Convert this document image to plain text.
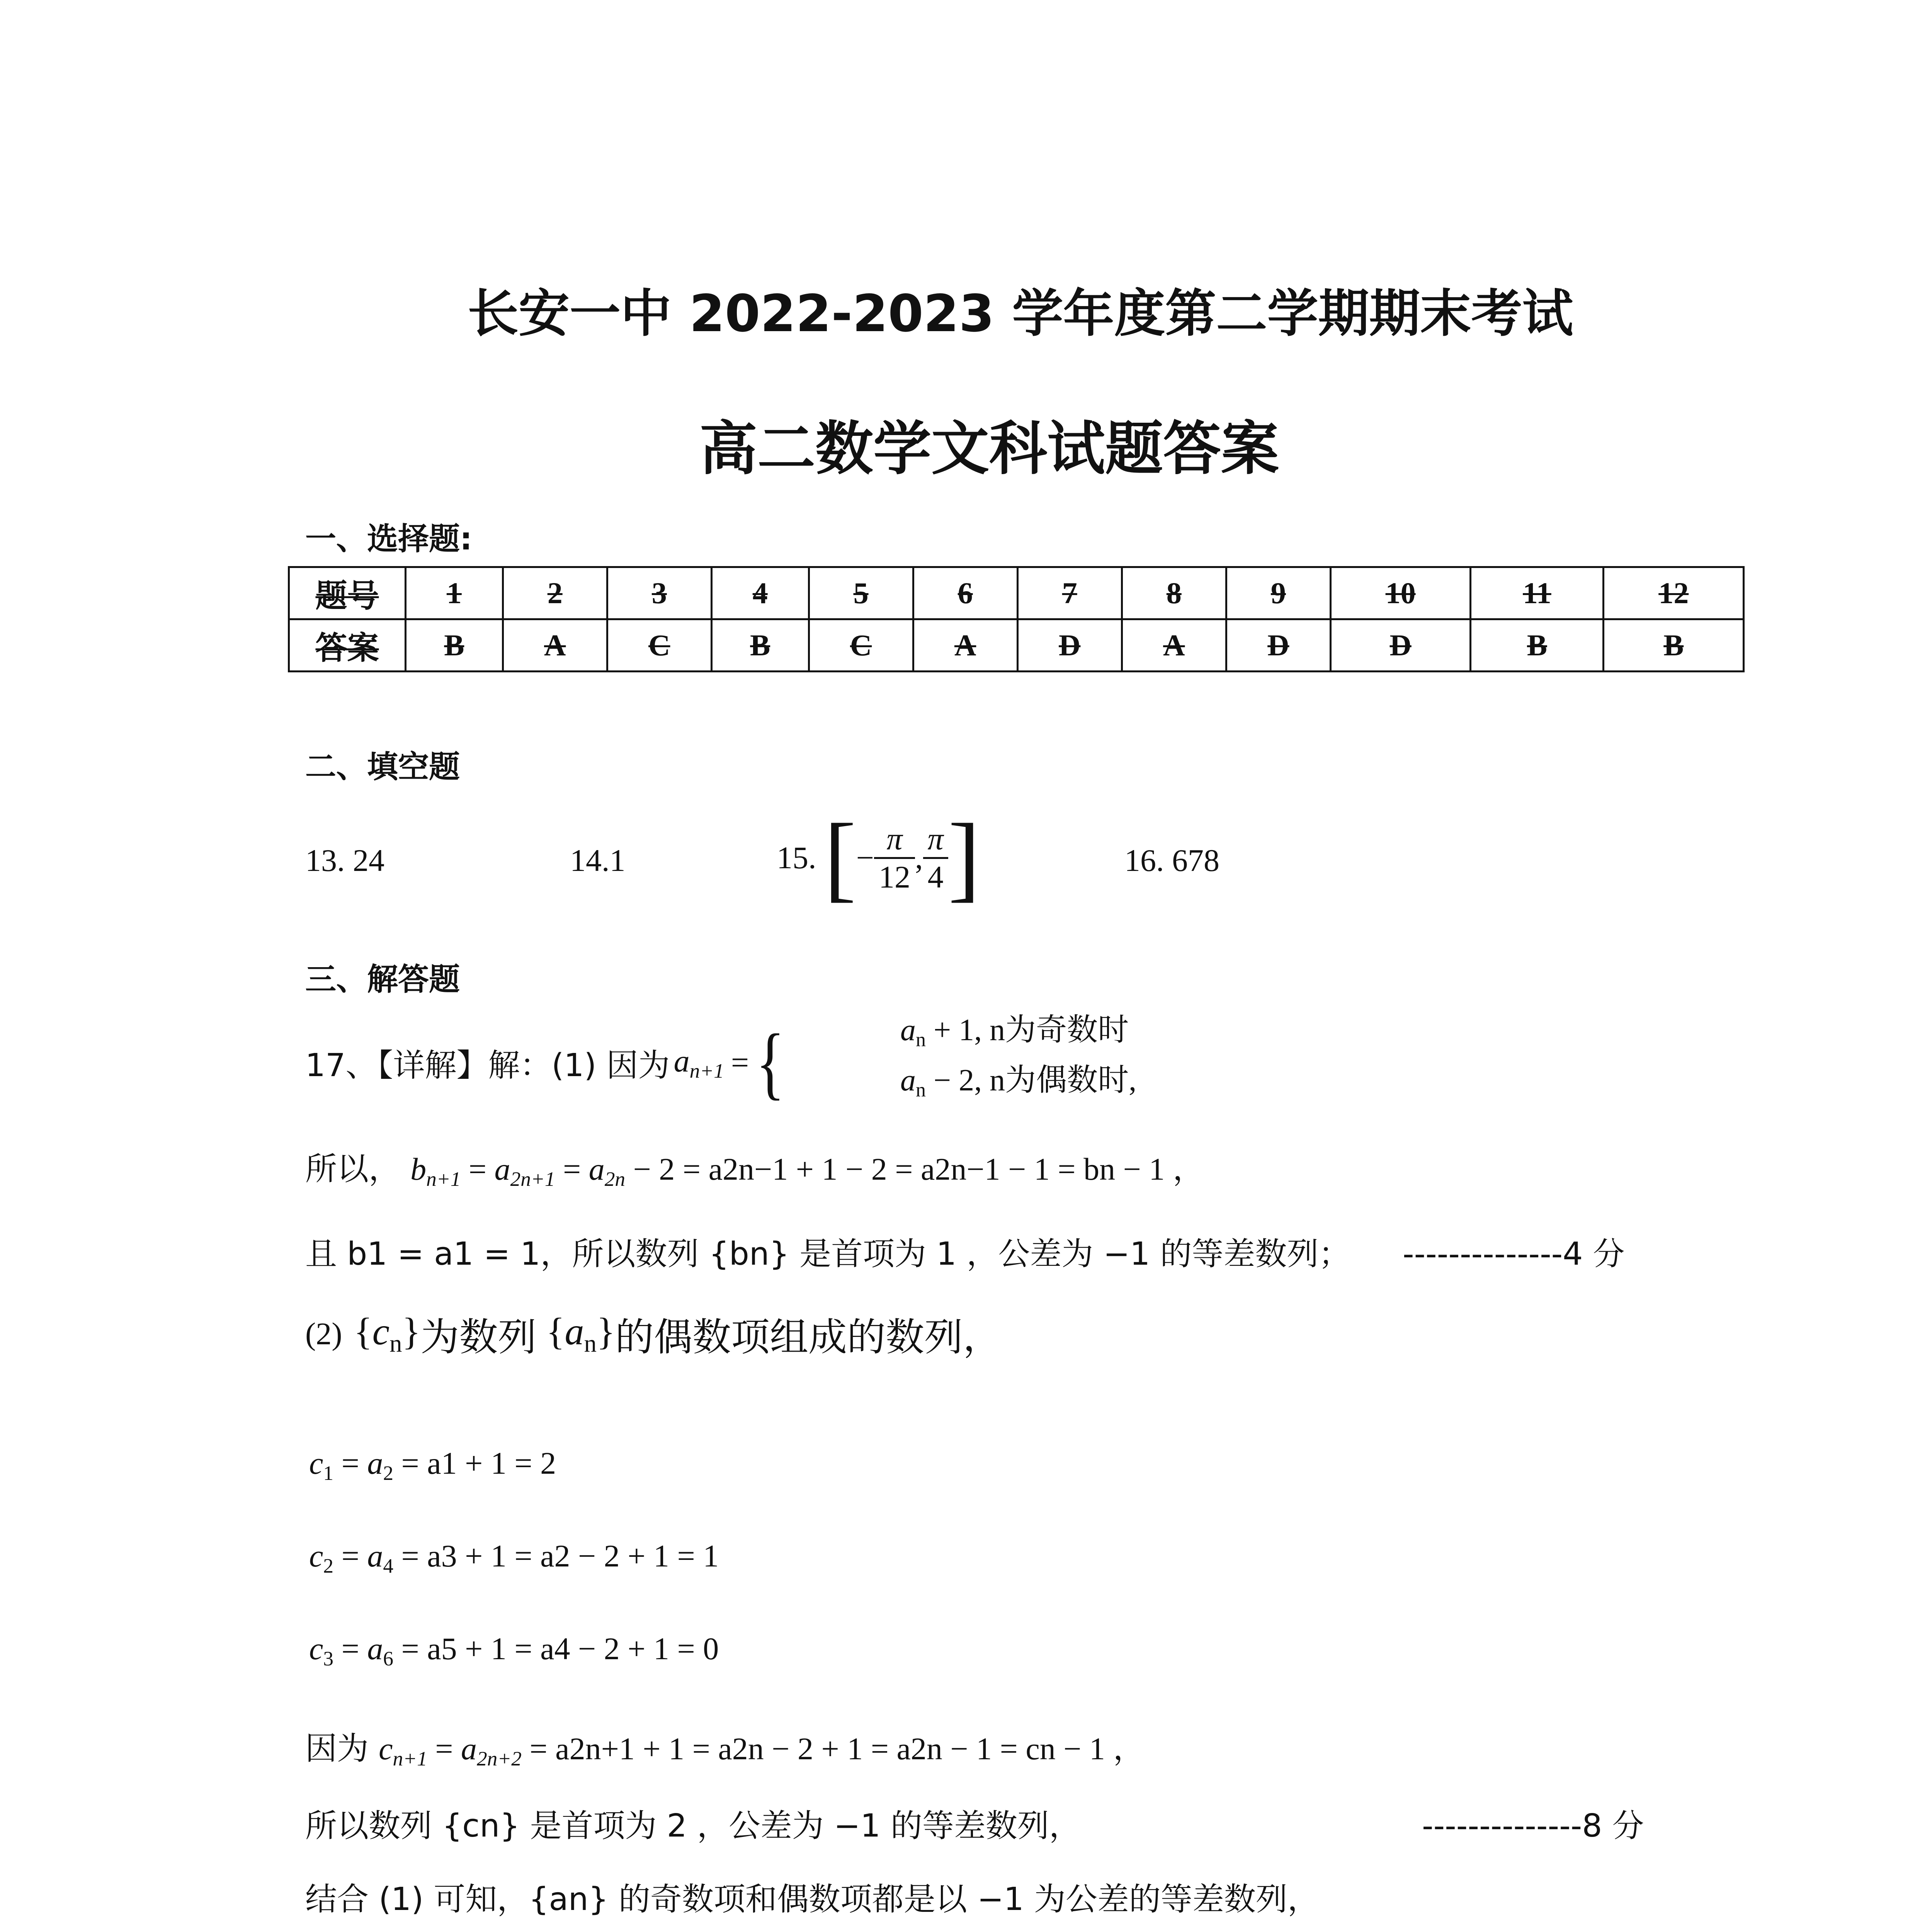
长安一中 2022-2023 学年度第二学期期末考试
高二数学文科试题答案
一、选择题:
题号	1	2	3	4	5	6	7	8	9	10	11	12
答案	B	A	C	B	C	A	D	A	D	D	B	B
二、填空题
13. 24	14.1	15. [ − $\frac{\pi}{12}$ , $\frac{\pi}{4}$ ]	16. 678
三、解答题
17、【详解】解：(1) 因为 an+1 = {	$a_n + 1$, n为奇数时
$a_n - 2$, n为偶数时,
所以， bn+1 = a2n+1 = a2n − 2 = a2n−1 + 1 − 2 = a2n−1 − 1 = bn − 1 ，
且 b1 = a1 = 1，所以数列 {bn} 是首项为 1 ，公差为 −1 的等差数列； --------------4 分
(2) $\{c_n\}$ 为数列 $\{a_n\}$ 的偶数项组成的数列，
$c_1 = a_2 = a1 + 1 = 2$
$c_2 = a_4 = a3 + 1 = a2 - 2 + 1 = 1$
$c_3 = a_6 = a5 + 1 = a4 - 2 + 1 = 0$
因为 cn+1 = a2n+2 = a2n+1 + 1 = a2n − 2 + 1 = a2n − 1 = cn − 1 ，
所以数列 {cn} 是首项为 2 ，公差为 −1 的等差数列，	--------------8 分
结合 (1) 可知，{an} 的奇数项和偶数项都是以 −1 为公差的等差数列，
